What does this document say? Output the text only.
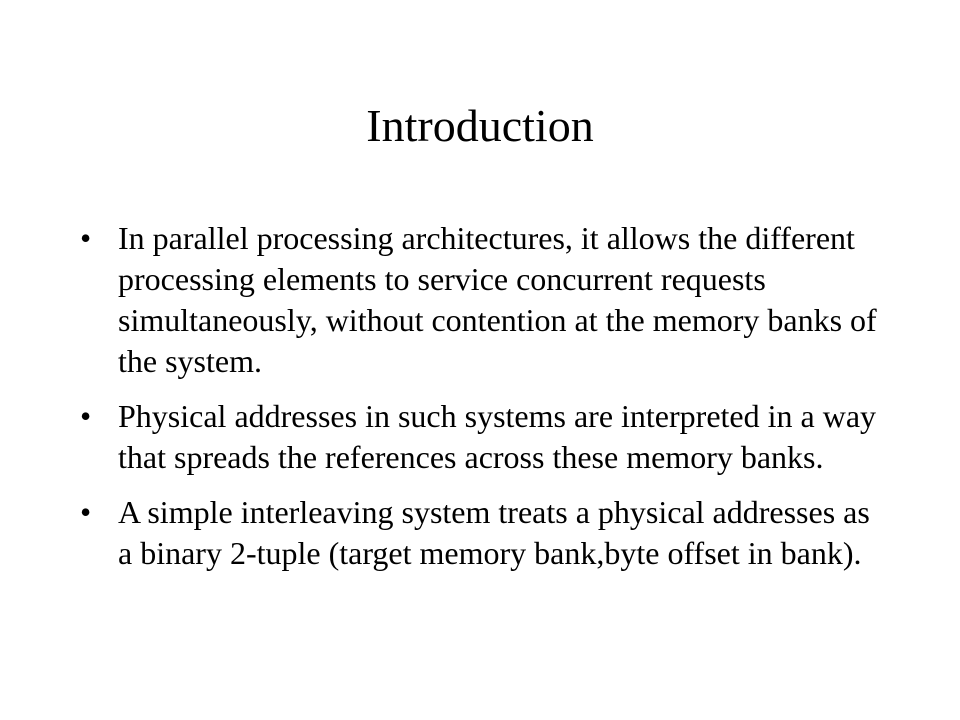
Introduction
• In parallel processing architectures, it allows the different processing elements to service concurrent requests simultaneously, without contention at the memory banks of the system.
• Physical addresses in such systems are interpreted in a way that spreads the references across these memory banks.
• A simple interleaving system treats a physical addresses as a binary 2-tuple (target memory bank,byte offset in bank).
